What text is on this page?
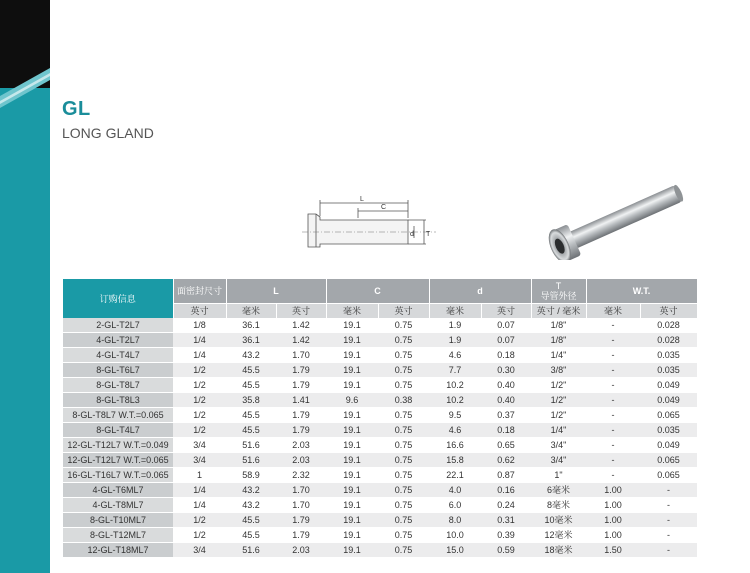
GL
LONG GLAND
L
C
d T
订购信息	面密封尺寸	L		C		d		T
导管外径	W.T.	
	英寸	毫米	英寸	毫米	英寸	毫米	英寸	英寸 / 毫米	毫米	英寸
2-GL-T2L7	1/8	36.1	1.42	19.1	0.75	1.9	0.07	1/8"	-	0.028
4-GL-T2L7	1/4	36.1	1.42	19.1	0.75	1.9	0.07	1/8"	-	0.028
4-GL-T4L7	1/4	43.2	1.70	19.1	0.75	4.6	0.18	1/4"	-	0.035
8-GL-T6L7	1/2	45.5	1.79	19.1	0.75	7.7	0.30	3/8"	-	0.035
8-GL-T8L7	1/2	45.5	1.79	19.1	0.75	10.2	0.40	1/2"	-	0.049
8-GL-T8L3	1/2	35.8	1.41	9.6	0.38	10.2	0.40	1/2"	-	0.049
8-GL-T8L7 W.T.=0.065	1/2	45.5	1.79	19.1	0.75	9.5	0.37	1/2"	-	0.065
8-GL-T4L7	1/2	45.5	1.79	19.1	0.75	4.6	0.18	1/4"	-	0.035
12-GL-T12L7 W.T.=0.049	3/4	51.6	2.03	19.1	0.75	16.6	0.65	3/4"	-	0.049
12-GL-T12L7 W.T.=0.065	3/4	51.6	2.03	19.1	0.75	15.8	0.62	3/4"	-	0.065
16-GL-T16L7 W.T.=0.065	1	58.9	2.32	19.1	0.75	22.1	0.87	1"	-	0.065
4-GL-T6ML7	1/4	43.2	1.70	19.1	0.75	4.0	0.16	6毫米	1.00	-
4-GL-T8ML7	1/4	43.2	1.70	19.1	0.75	6.0	0.24	8毫米	1.00	-
8-GL-T10ML7	1/2	45.5	1.79	19.1	0.75	8.0	0.31	10毫米	1.00	-
8-GL-T12ML7	1/2	45.5	1.79	19.1	0.75	10.0	0.39	12毫米	1.00	-
12-GL-T18ML7	3/4	51.6	2.03	19.1	0.75	15.0	0.59	18毫米	1.50	-
